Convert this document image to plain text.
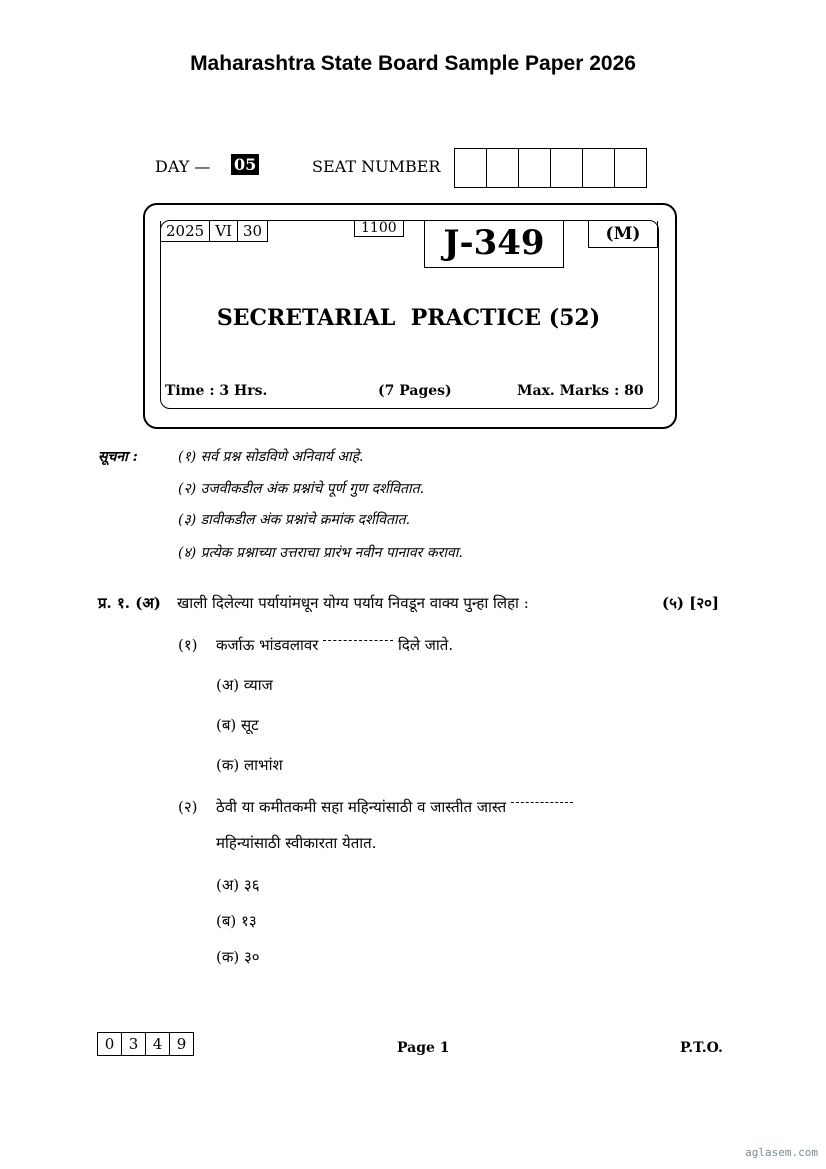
Maharashtra State Board Sample Paper 2026
DAY — 05	SEAT NUMBER
2025 VI 30	1100	J-349	(M)
SECRETARIAL  PRACTICE (52)
Time : 3 Hrs.	(7 Pages)	Max. Marks : 80
सूचना :	(१) सर्व प्रश्न सोडविणे अनिवार्य आहे.
(२) उजवीकडील अंक प्रश्नांचे पूर्ण गुण दर्शवितात.
(३) डावीकडील अंक प्रश्नांचे क्रमांक दर्शवितात.
(४) प्रत्येक प्रश्नाच्या उत्तराचा प्रारंभ नवीन पानावर करावा.
प्र. १. (अ) खाली दिलेल्या पर्यायांमधून योग्य पर्याय निवडून वाक्य पुन्हा लिहा :	(५) [२०]
(१) कर्जाऊ भांडवलावर	दिले जाते.
(अ) व्याज
(ब) सूट
(क) लाभांश
(२) ठेवी या कमीतकमी सहा महिन्यांसाठी व जास्तीत जास्त
महिन्यांसाठी स्वीकारता येतात.
(अ) ३६
(ब) १३
(क) ३०
0 3 4 9	Page 1	P.T.O.
aglasem.com
